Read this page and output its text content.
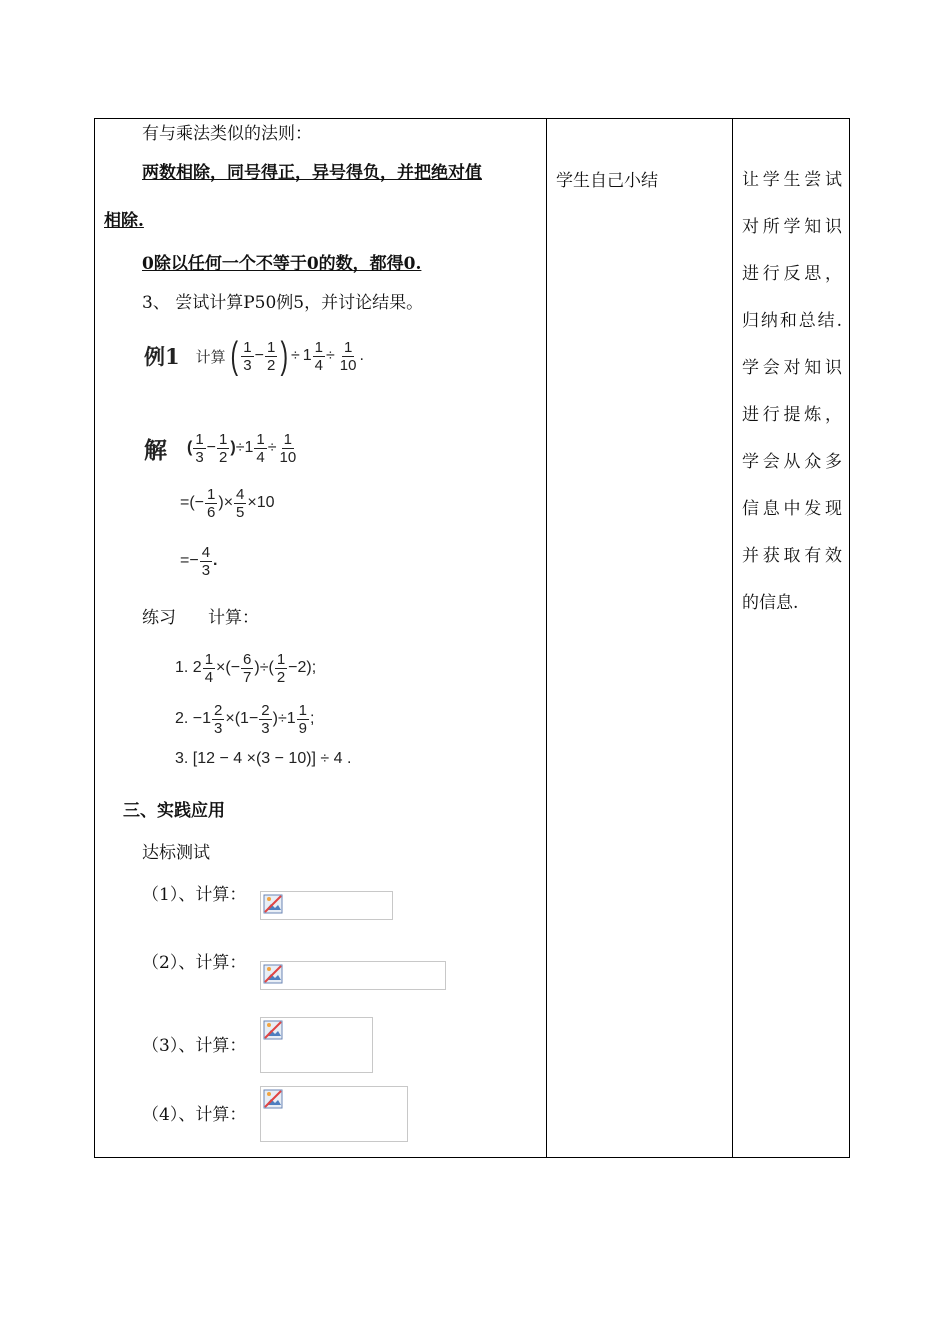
有与乘法类似的法则：
两数相除，同号得正，异号得负，并把绝对值
相除.
0除以任何一个不等于0的数，都得0.
3、 尝试计算P50例5，并讨论结果。
例1 计算 ( $\frac{1}{3} - \frac{1}{2}$ ) ÷ $1 \frac{1}{4} \div \frac{1}{10}$ .
解 ( $\frac{1}{3} - \frac{1}{2}$ ) ÷ $1 \frac{1}{4} \div \frac{1}{10}$
=(− $\frac{1}{6}$ )× $\frac{4}{5} \times 10$
=− $\frac{4}{3}$ .
练习 计算：
1. $2 \frac{1}{4}$ ×(− $\frac{6}{7}$ )÷( $\frac{1}{2} -2$);
2. $-1 \frac{2}{3} \times(1- \frac{2}{3} )\div 1 \frac{1}{9}$ ;
3. [12 − 4 ×(3 − 10)] ÷ 4 .
三、实践应用
达标测试
（1）、计算：
（2）、计算：
（3）、计算：
（4）、计算：
学生自己小结	让学生尝试对所学知识进行反思，归纳和总结.学会对知识进行提炼，学会从众多信息中发现并获取有效的信息.
